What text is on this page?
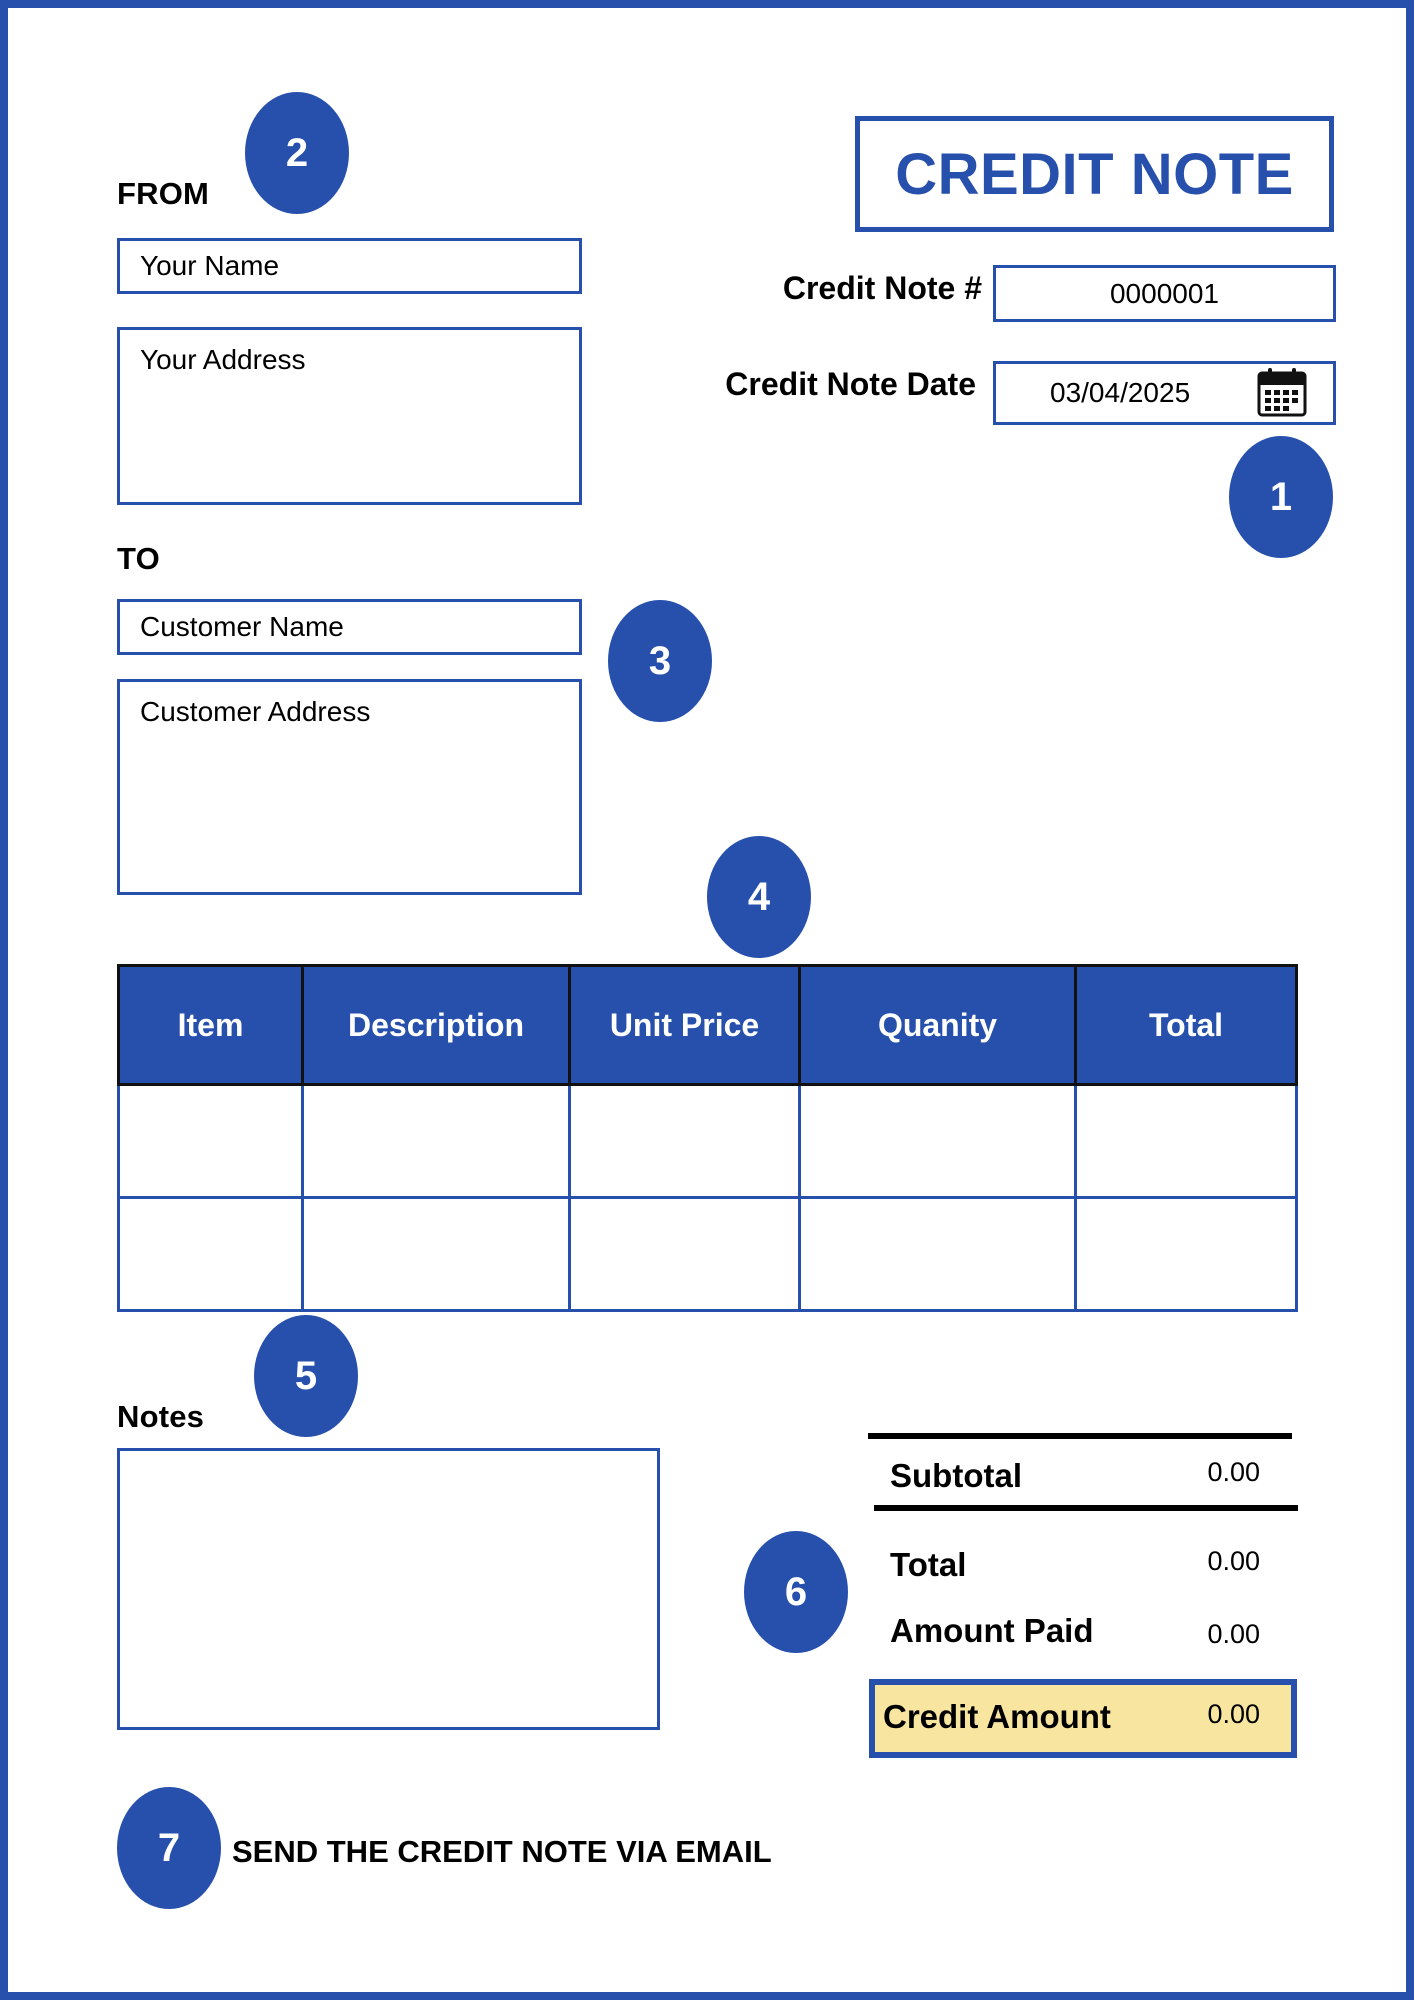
CREDIT NOTE
FROM
Your Name
Your Address
TO
Customer Name
Customer Address
Credit Note #	0000001
Credit Note Date	03/04/2025
Item	Description	Unit Price	Quanity	Total

Notes
Subtotal	0.00
Total	0.00
Amount Paid	0.00
Credit Amount	0.00
SEND THE CREDIT NOTE VIA EMAIL
1
2
3
4
5
6
7
